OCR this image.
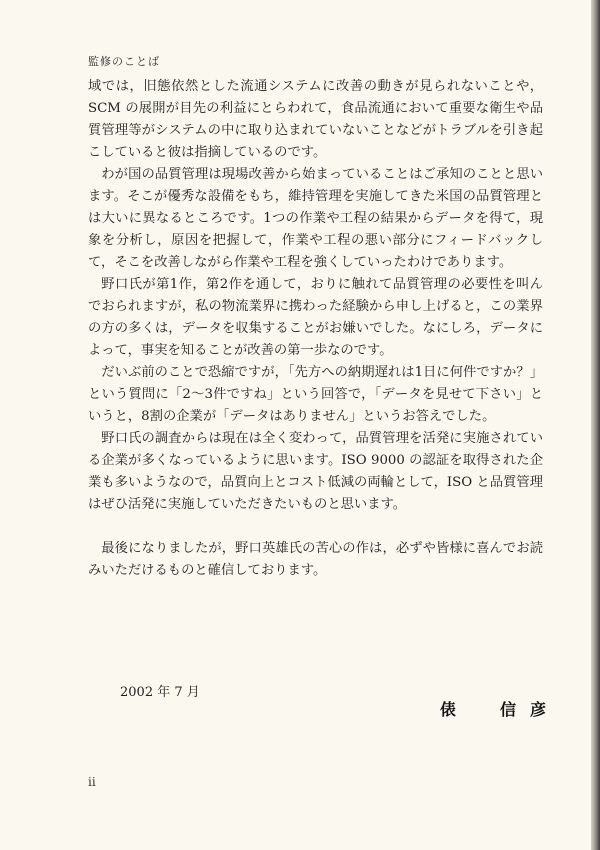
監修のことば

域では，旧態依然とした流通システムに改善の動きが見られないことや，SCM の展開が目先の利益にとらわれて，食品流通において重要な衛生や品質管理等がシステムの中に取り込まれていないことなどがトラブルを引き起こしていると彼は指摘しているのです。

わが国の品質管理は現場改善から始まっていることはご承知のことと思います。そこが優秀な設備をもち，維持管理を実施してきた米国の品質管理とは大いに異なるところです。1つの作業や工程の結果からデータを得て，現象を分析し，原因を把握して，作業や工程の悪い部分にフィードバックして，そこを改善しながら作業や工程を強くしていったわけであります。

野口氏が第1作，第2作を通して，おりに触れて品質管理の必要性を叫んでおられますが，私の物流業界に携わった経験から申し上げると，この業界の方の多くは，データを収集することがお嫌いでした。なにしろ，データによって，事実を知ることが改善の第一歩なのです。

だいぶ前のことで恐縮ですが，「先方への納期遅れは1日に何件ですか？」という質問に「2〜3件ですね」という回答で，「データを見せて下さい」というと，8割の企業が「データはありません」というお答えでした。

野口氏の調査からは現在は全く変わって，品質管理を活発に実施されている企業が多くなっているように思います。ISO 9000 の認証を取得された企業も多いようなので，品質向上とコスト低減の両輪として，ISO と品質管理はぜひ活発に実施していただきたいものと思います。

最後になりましたが，野口英雄氏の苦心の作は，必ずや皆様に喜んでお読みいただけるものと確信しております。

2002 年 7 月
俵　信彦
ii
